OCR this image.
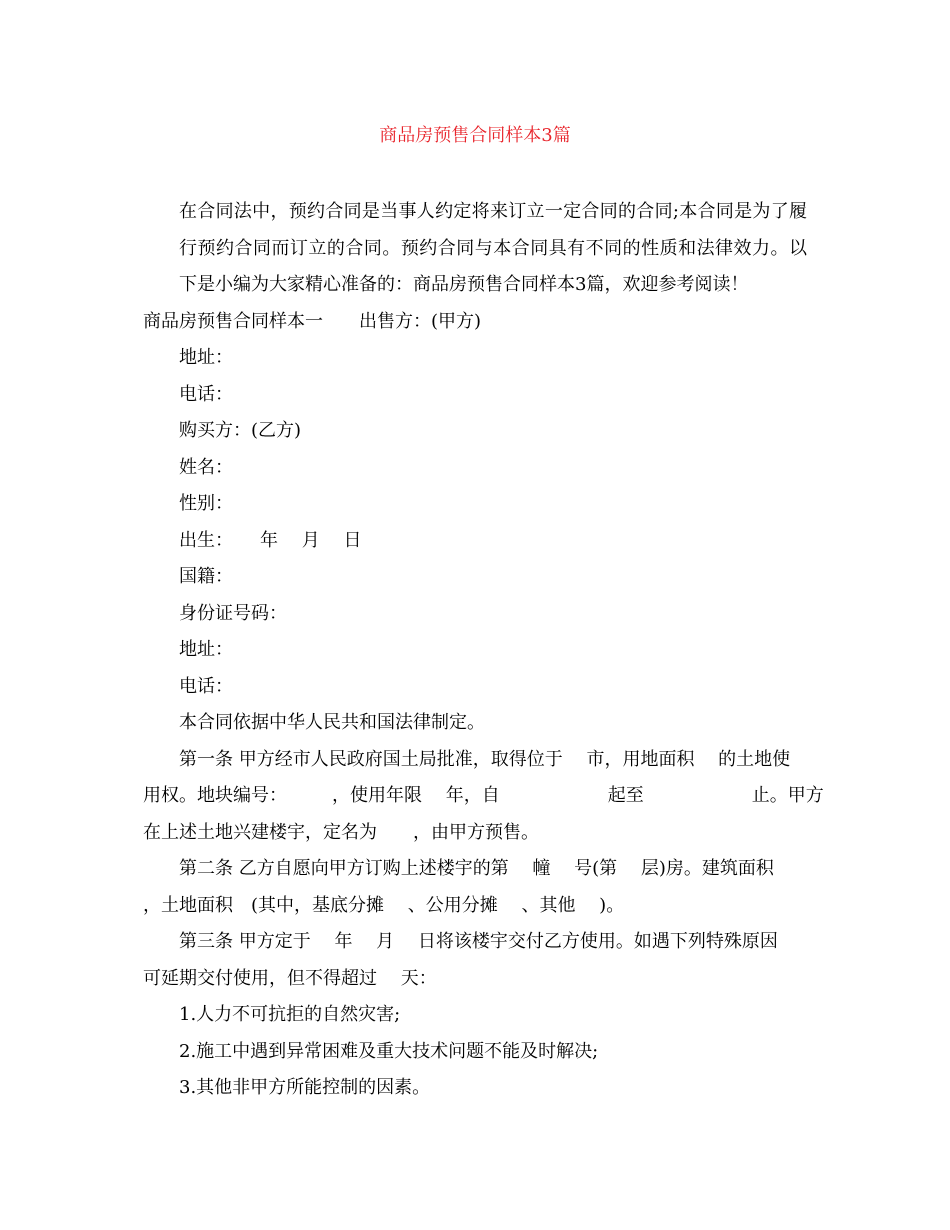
商品房预售合同样本3篇

在合同法中，预约合同是当事人约定将来订立一定合同的合同;本合同是为了履行预约合同而订立的合同。预约合同与本合同具有不同的性质和法律效力。以下是小编为大家精心准备的：商品房预售合同样本3篇，欢迎参考阅读！

商品房预售合同样本一 出售方：(甲方)

地址：

电话：

购买方：(乙方)

姓名：

性别：

出生：　　年　 月　 日

国籍：

身份证号码：

地址：

电话：

本合同依据中华人民共和国法律制定。

第一条 甲方经市人民政府国土局批准，取得位于　 市，用地面积　 的土地使

用权。地块编号：　　　，使用年限　 年，自　　　　　　起至　　　　　　止。甲方

在上述土地兴建楼宇，定名为　　，由甲方预售。

第二条 乙方自愿向甲方订购上述楼宇的第　 幢　 号(第　 层)房。建筑面积

，土地面积　(其中，基底分摊　 、公用分摊　 、其他　 )。

第三条 甲方定于　 年　 月　 日将该楼宇交付乙方使用。如遇下列特殊原因

可延期交付使用，但不得超过　 天：

1.人力不可抗拒的自然灾害;

2.施工中遇到异常困难及重大技术问题不能及时解决;

3.其他非甲方所能控制的因素。
